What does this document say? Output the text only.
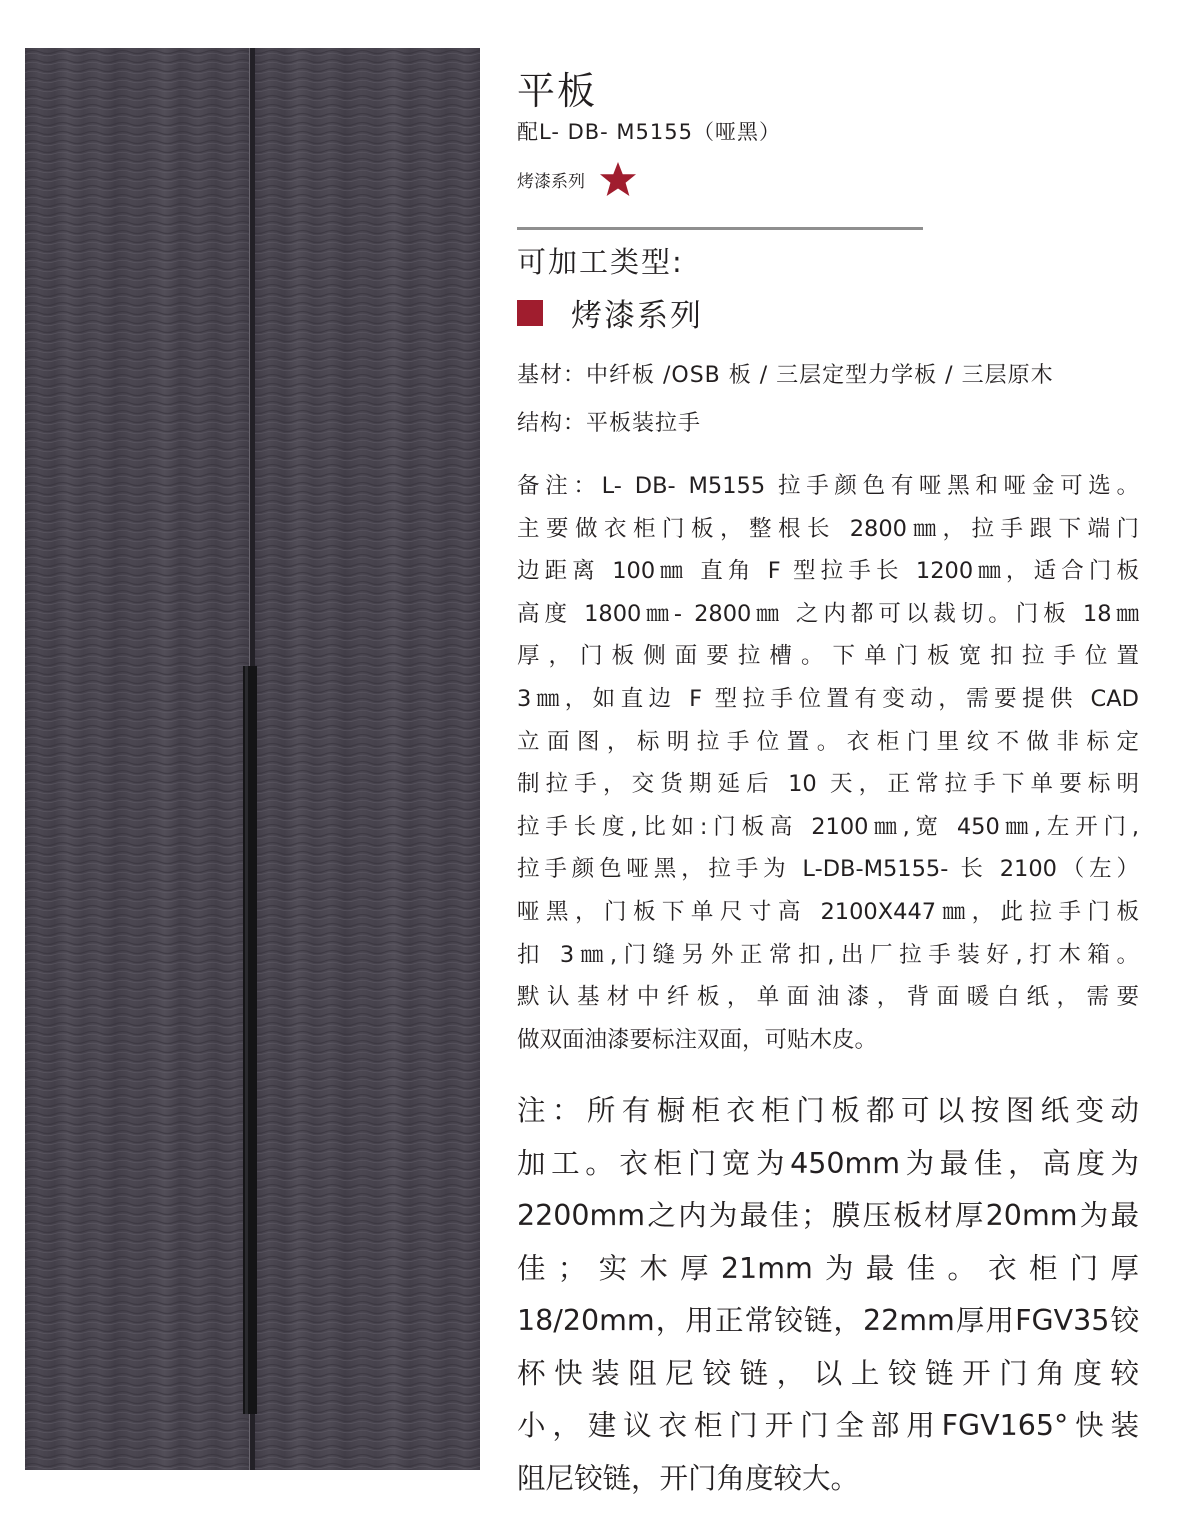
平板
配L- DB- M5155（哑黑）
烤漆系列
可加工类型:
烤漆系列
基材：中纤板 /OSB 板 / 三层定型力学板 / 三层原木
结构：平板装拉手
备注：L- DB- M5155 拉手颜色有哑黑和哑金可选。
主要做衣柜门板，整根长 2800㎜，拉手跟下端门
边距离 100㎜ 直角 F 型拉手长 1200㎜，适合门板
高度 1800㎜- 2800㎜ 之内都可以裁切。门板 18㎜
厚，门板侧面要拉槽。下单门板宽扣拉手位置
3㎜，如直边 F 型拉手位置有变动，需要提供 CAD
立面图，标明拉手位置。衣柜门里纹不做非标定
制拉手，交货期延后 10 天，正常拉手下单要标明
拉手长度,比如:门板高 2100㎜,宽 450㎜,左开门,
拉手颜色哑黑，拉手为 L-DB-M5155- 长 2100（左）
哑黑，门板下单尺寸高 2100X447㎜，此拉手门板
扣 3㎜,门缝另外正常扣,出厂拉手装好,打木箱。
默认基材中纤板，单面油漆，背面暖白纸，需要
做双面油漆要标注双面，可贴木皮。
注：所有橱柜衣柜门板都可以按图纸变动
加工。衣柜门宽为450mm为最佳，高度为
2200mm之内为最佳；膜压板材厚20mm为最
佳；实木厚21mm为最佳。衣柜门厚
18/20mm，用正常铰链，22mm厚用FGV35铰
杯快装阻尼铰链，以上铰链开门角度较
小，建议衣柜门开门全部用FGV165°快装
阻尼铰链，开门角度较大。
